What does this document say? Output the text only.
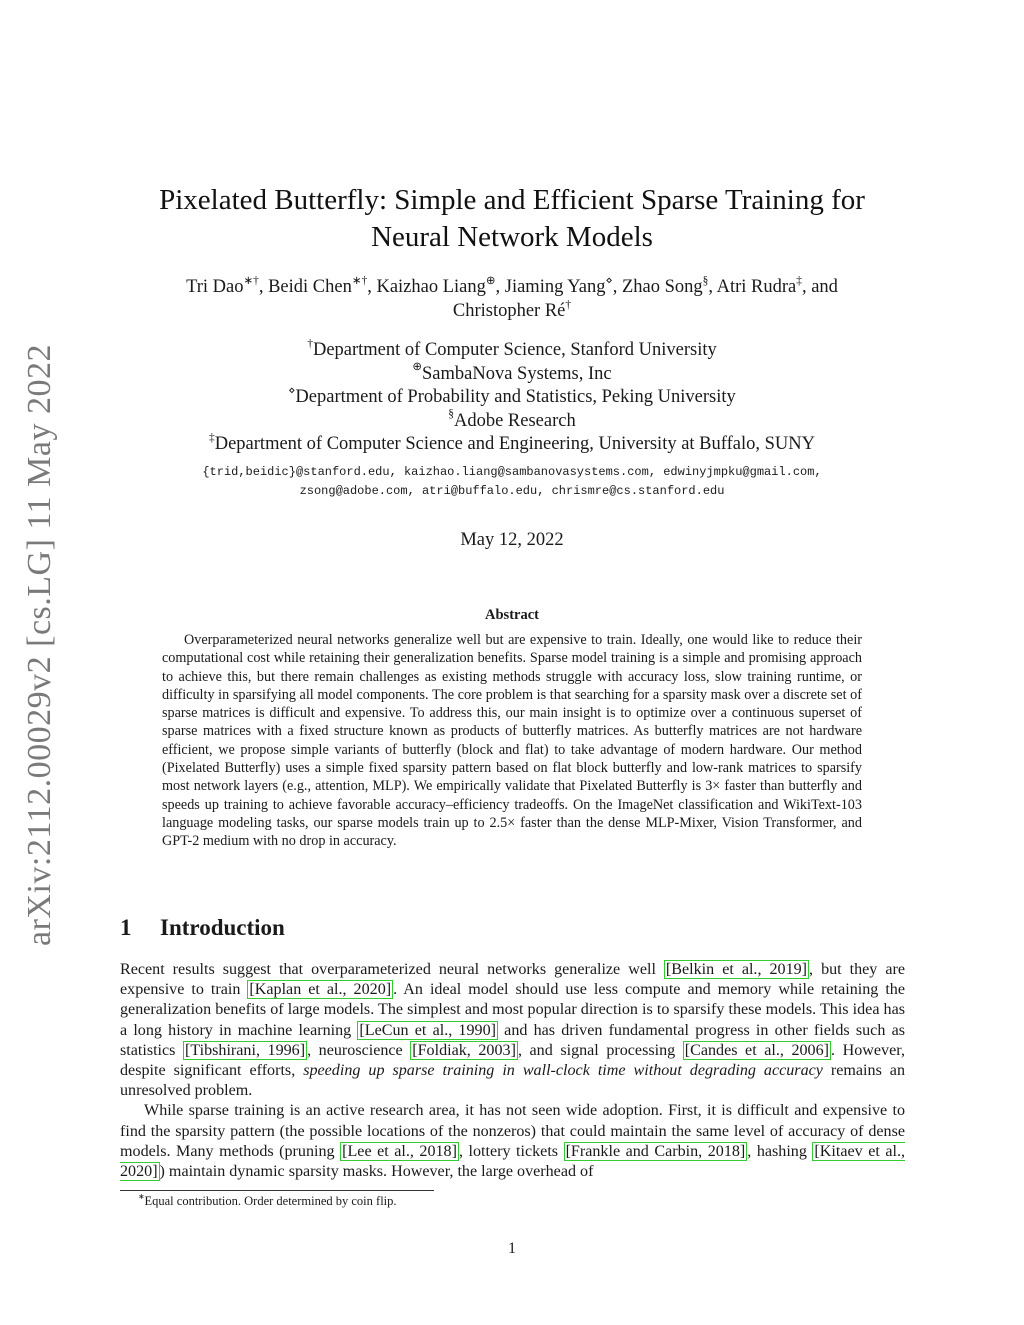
arXiv:2112.00029v2 [cs.LG] 11 May 2022
Pixelated Butterfly: Simple and Efficient Sparse Training for
Neural Network Models
Tri Dao∗†, Beidi Chen∗†, Kaizhao Liang⊕, Jiaming Yang⋄, Zhao Song§, Atri Rudra‡, and
Christopher Ré†
†Department of Computer Science, Stanford University
⊕SambaNova Systems, Inc
⋄Department of Probability and Statistics, Peking University
§Adobe Research
‡Department of Computer Science and Engineering, University at Buffalo, SUNY
{trid,beidic}@stanford.edu, kaizhao.liang@sambanovasystems.com, edwinyjmpku@gmail.com,
zsong@adobe.com, atri@buffalo.edu, chrismre@cs.stanford.edu
May 12, 2022
Abstract
Overparameterized neural networks generalize well but are expensive to train. Ideally, one would like to reduce their computational cost while retaining their generalization benefits. Sparse model training is a simple and promising approach to achieve this, but there remain challenges as existing methods struggle with accuracy loss, slow training runtime, or difficulty in sparsifying all model components. The core problem is that searching for a sparsity mask over a discrete set of sparse matrices is difficult and expensive. To address this, our main insight is to optimize over a continuous superset of sparse matrices with a fixed structure known as products of butterfly matrices. As butterfly matrices are not hardware efficient, we propose simple variants of butterfly (block and flat) to take advantage of modern hardware. Our method (Pixelated Butterfly) uses a simple fixed sparsity pattern based on flat block butterfly and low-rank matrices to sparsify most network layers (e.g., attention, MLP). We empirically validate that Pixelated Butterfly is 3× faster than butterfly and speeds up training to achieve favorable accuracy–efficiency tradeoffs. On the ImageNet classification and WikiText-103 language modeling tasks, our sparse models train up to 2.5× faster than the dense MLP-Mixer, Vision Transformer, and GPT-2 medium with no drop in accuracy.
1 Introduction

Recent results suggest that overparameterized neural networks generalize well [Belkin et al., 2019] , but they are expensive to train [Kaplan et al., 2020] . An ideal model should use less compute and memory while retaining the generalization benefits of large models. The simplest and most popular direction is to sparsify these models. This idea has a long history in machine learning [LeCun et al., 1990] and has driven fundamental progress in other fields such as statistics [Tibshirani, 1996] , neuroscience [Foldiak, 2003] , and signal processing [Candes et al., 2006] . However, despite significant efforts, speeding up sparse training in wall-clock time without degrading accuracy remains an unresolved problem.

While sparse training is an active research area, it has not seen wide adoption. First, it is difficult and expensive to find the sparsity pattern (the possible locations of the nonzeros) that could maintain the same level of accuracy of dense models. Many methods (pruning [Lee et al., 2018] , lottery tickets [Frankle and Carbin, 2018] , hashing [Kitaev et al., 2020] ) maintain dynamic sparsity masks. However, the large overhead of

∗Equal contribution. Order determined by coin flip.
1
